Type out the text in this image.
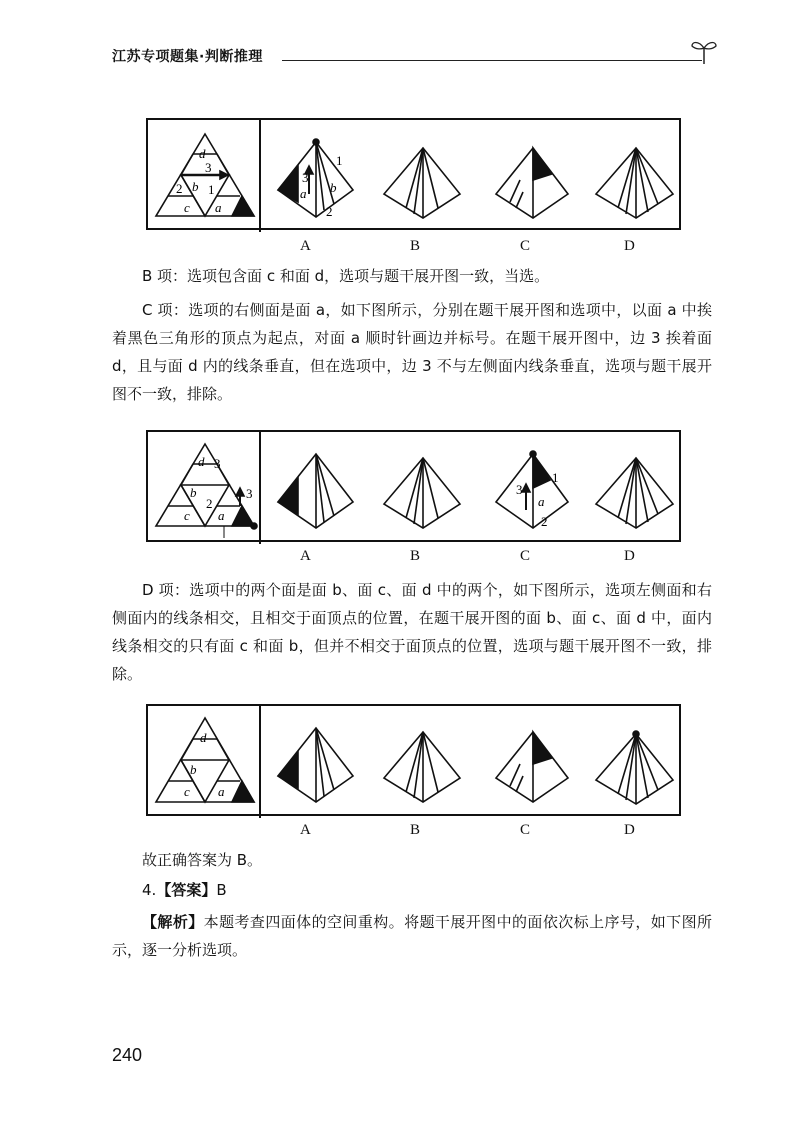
江苏专项题集·判断推理
d
3
2 b 1
c a
3
a
1
b
2
A	B	C	D
B 项：选项包含面 c 和面 d，选项与题干展开图一致，当选。
C 项：选项的右侧面是面 a，如下图所示，分别在题干展开图和选项中，以面 a 中挨着黑色三角形的顶点为起点，对面 a 顺时针画边并标号。在题干展开图中，边 3 挨着面 d，且与面 d 内的线条垂直，但在选项中，边 3 不与左侧面内线条垂直，选项与题干展开图不一致，排除。
d 3
b
2
c a
3
1
3
a
2
A	B	C	D
D 项：选项中的两个面是面 b、面 c、面 d 中的两个，如下图所示，选项左侧面和右侧面内的线条相交，且相交于面顶点的位置，在题干展开图的面 b、面 c、面 d 中，面内线条相交的只有面 c 和面 b，但并不相交于面顶点的位置，选项与题干展开图不一致，排除。
d
b
c a
A	B	C	D
故正确答案为 B。
4.【答案】B
【解析】本题考查四面体的空间重构。将题干展开图中的面依次标上序号，如下图所示，逐一分析选项。
240
